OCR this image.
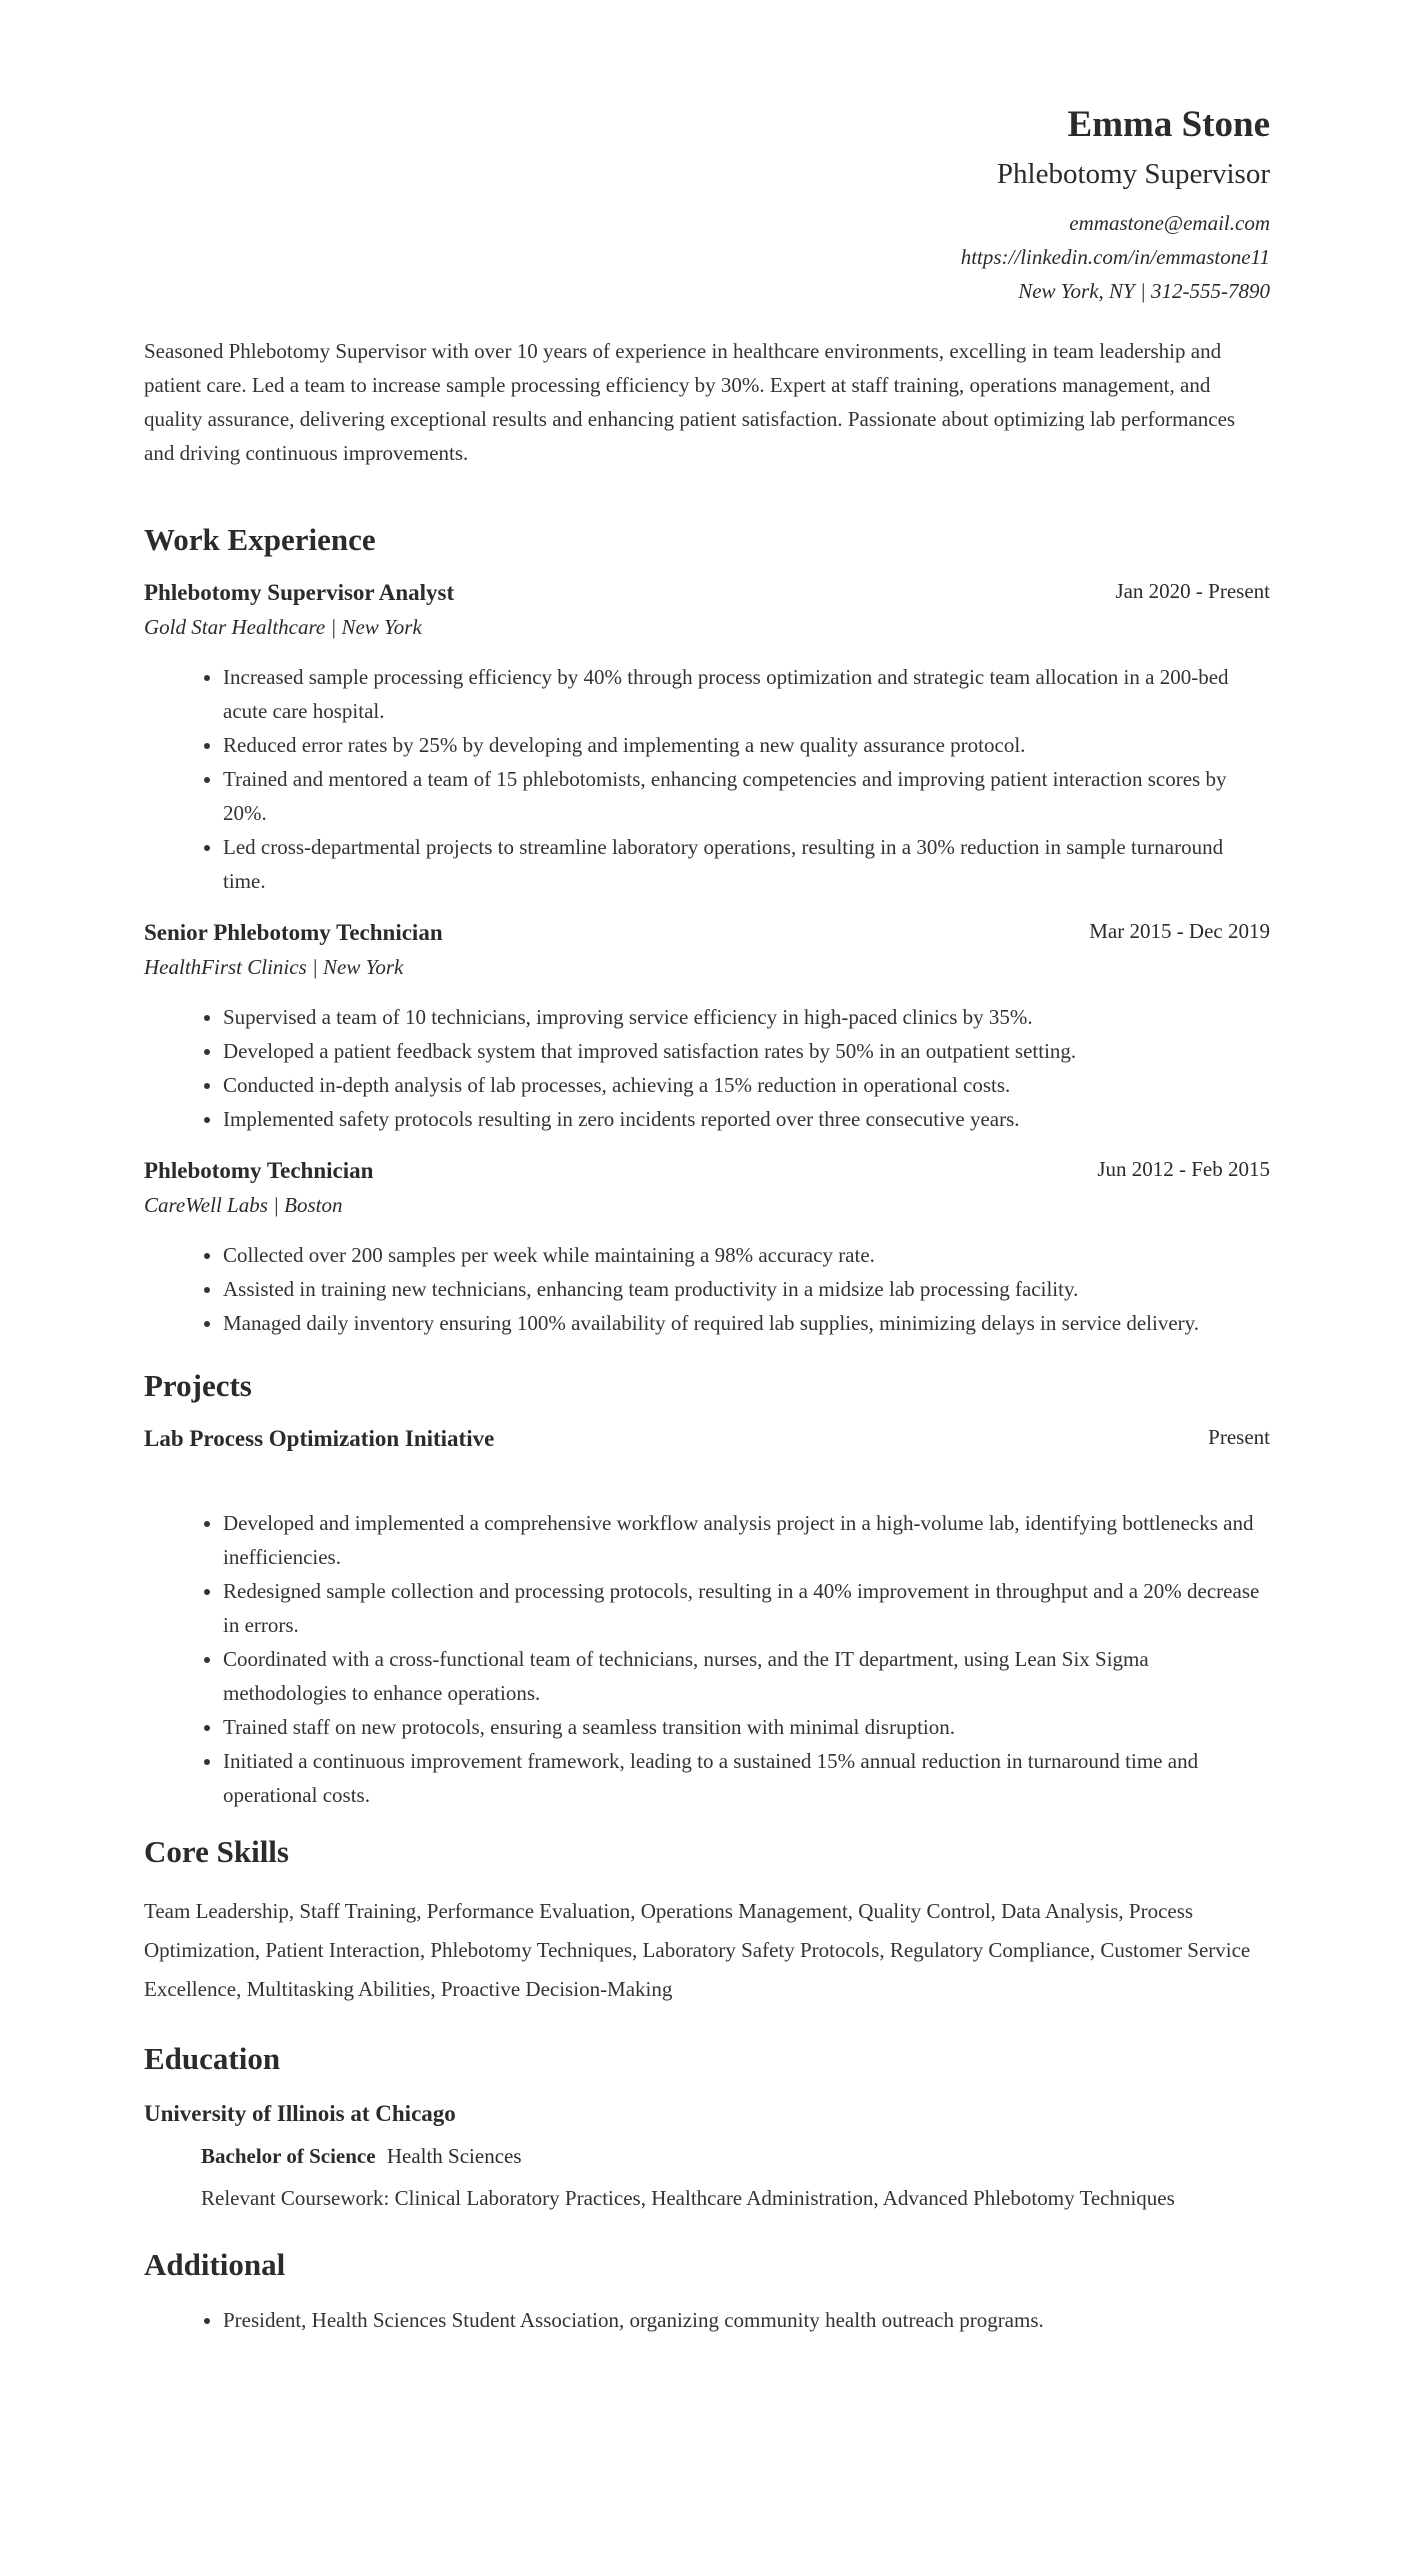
Emma Stone
Phlebotomy Supervisor
emmastone@email.com
https://linkedin.com/in/emmastone11
New York, NY | 312-555-7890
Seasoned Phlebotomy Supervisor with over 10 years of experience in healthcare environments, excelling in team leadership and patient care. Led a team to increase sample processing efficiency by 30%. Expert at staff training, operations management, and quality assurance, delivering exceptional results and enhancing patient satisfaction. Passionate about optimizing lab performances and driving continuous improvements.
Work Experience
Phlebotomy Supervisor Analyst	Jan 2020 - Present
Gold Star Healthcare | New York
• Increased sample processing efficiency by 40% through process optimization and strategic team allocation in a 200-bed acute care hospital.
• Reduced error rates by 25% by developing and implementing a new quality assurance protocol.
• Trained and mentored a team of 15 phlebotomists, enhancing competencies and improving patient interaction scores by 20%.
• Led cross-departmental projects to streamline laboratory operations, resulting in a 30% reduction in sample turnaround time.
Senior Phlebotomy Technician	Mar 2015 - Dec 2019
HealthFirst Clinics | New York
• Supervised a team of 10 technicians, improving service efficiency in high-paced clinics by 35%.
• Developed a patient feedback system that improved satisfaction rates by 50% in an outpatient setting.
• Conducted in-depth analysis of lab processes, achieving a 15% reduction in operational costs.
• Implemented safety protocols resulting in zero incidents reported over three consecutive years.
Phlebotomy Technician	Jun 2012 - Feb 2015
CareWell Labs | Boston
• Collected over 200 samples per week while maintaining a 98% accuracy rate.
• Assisted in training new technicians, enhancing team productivity in a midsize lab processing facility.
• Managed daily inventory ensuring 100% availability of required lab supplies, minimizing delays in service delivery.
Projects
Lab Process Optimization Initiative	Present
• Developed and implemented a comprehensive workflow analysis project in a high-volume lab, identifying bottlenecks and inefficiencies.
• Redesigned sample collection and processing protocols, resulting in a 40% improvement in throughput and a 20% decrease in errors.
• Coordinated with a cross-functional team of technicians, nurses, and the IT department, using Lean Six Sigma methodologies to enhance operations.
• Trained staff on new protocols, ensuring a seamless transition with minimal disruption.
• Initiated a continuous improvement framework, leading to a sustained 15% annual reduction in turnaround time and operational costs.
Core Skills
Team Leadership, Staff Training, Performance Evaluation, Operations Management, Quality Control, Data Analysis, Process Optimization, Patient Interaction, Phlebotomy Techniques, Laboratory Safety Protocols, Regulatory Compliance, Customer Service Excellence, Multitasking Abilities, Proactive Decision-Making
Education
University of Illinois at Chicago
Bachelor of Science Health Sciences
Relevant Coursework: Clinical Laboratory Practices, Healthcare Administration, Advanced Phlebotomy Techniques
Additional
• President, Health Sciences Student Association, organizing community health outreach programs.
